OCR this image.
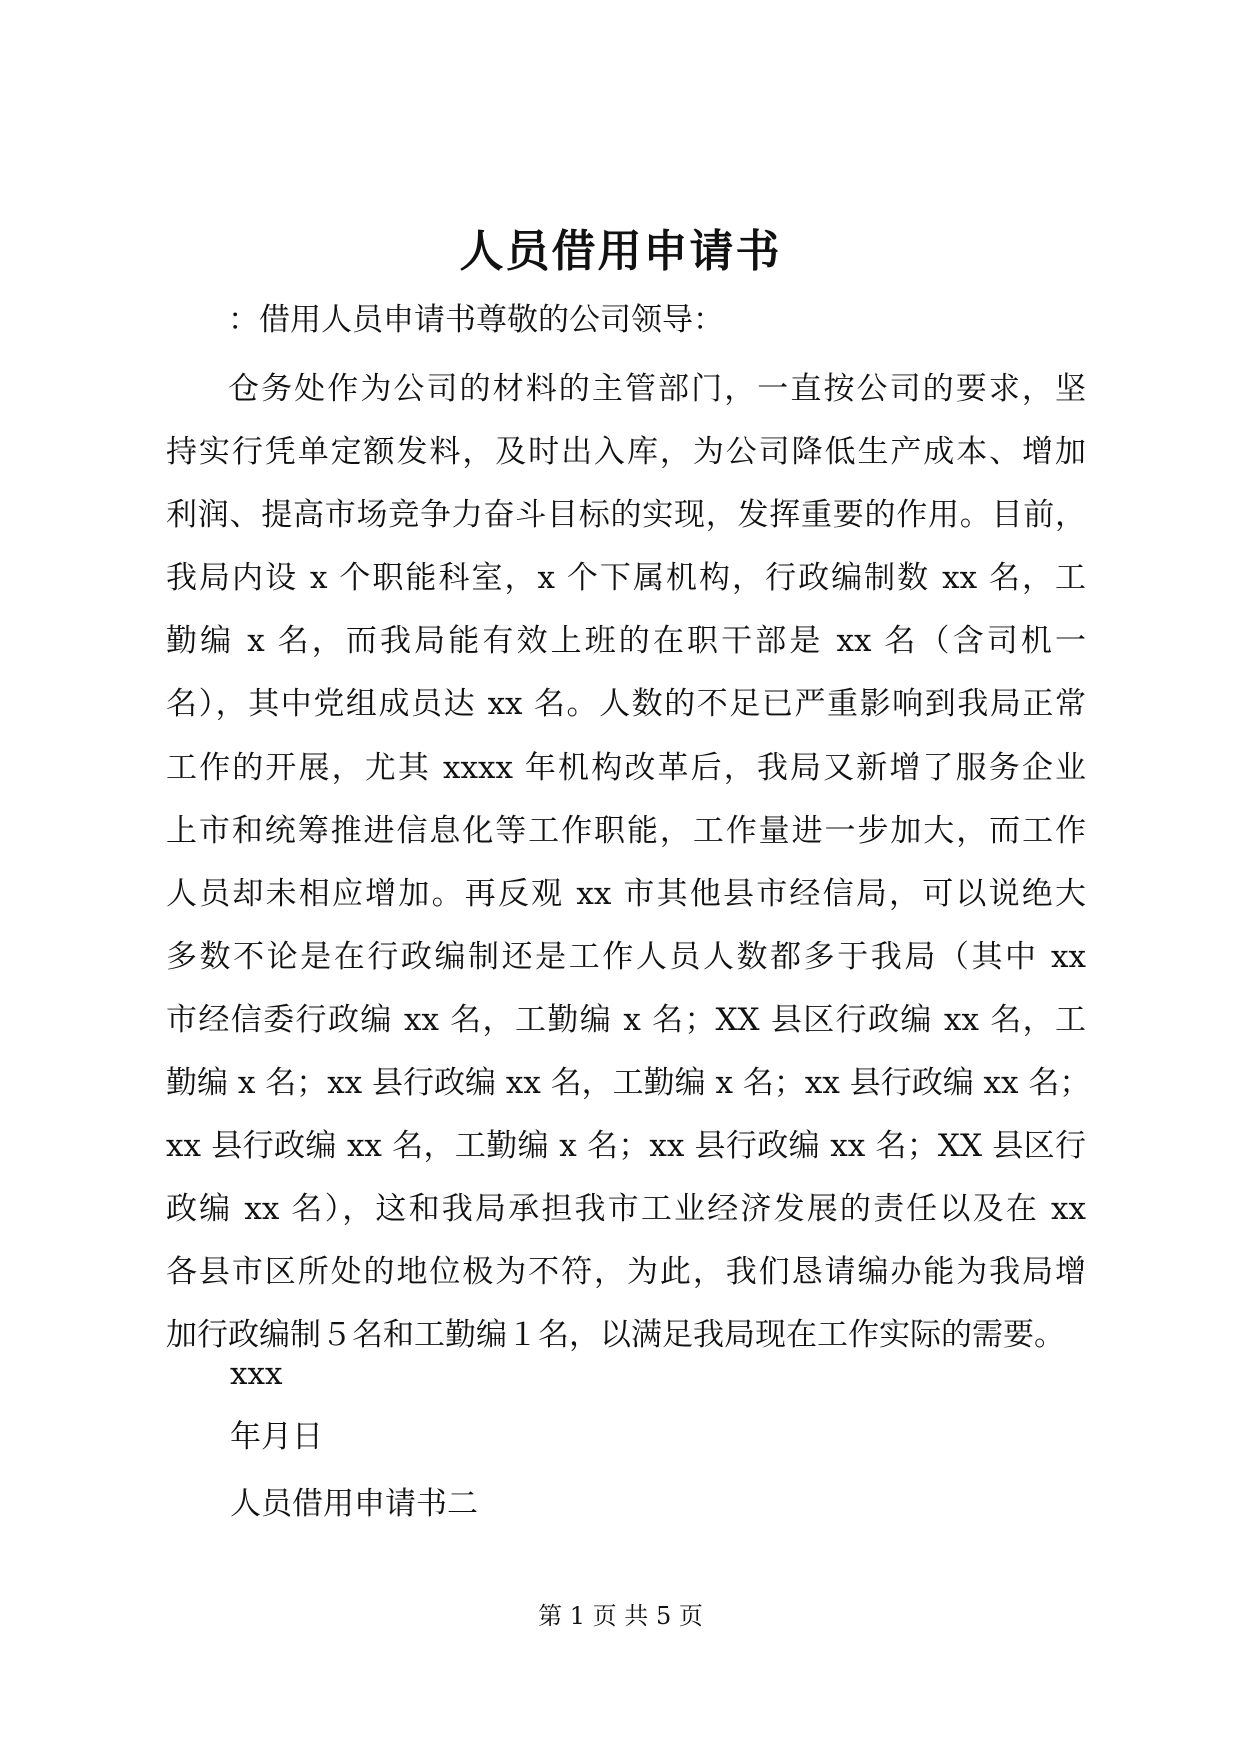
人员借用申请书
：借用人员申请书尊敬的公司领导：
仓务处作为公司的材料的主管部门，一直按公司的要求，坚
持实行凭单定额发料，及时出入库，为公司降低生产成本、增加
利润、提高市场竞争力奋斗目标的实现，发挥重要的作用。目前，
我局内设 x 个职能科室，x 个下属机构，行政编制数 xx 名，工
勤编 x 名，而我局能有效上班的在职干部是 xx 名（含司机一
名），其中党组成员达 xx 名。人数的不足已严重影响到我局正常
工作的开展，尤其 xxxx 年机构改革后，我局又新增了服务企业
上市和统筹推进信息化等工作职能，工作量进一步加大，而工作
人员却未相应增加。再反观 xx 市其他县市经信局，可以说绝大
多数不论是在行政编制还是工作人员人数都多于我局（其中 xx
市经信委行政编 xx 名，工勤编 x 名；XX 县区行政编 xx 名，工
勤编 x 名；xx 县行政编 xx 名，工勤编 x 名；xx 县行政编 xx 名；
xx 县行政编 xx 名，工勤编 x 名；xx 县行政编 xx 名；XX 县区行
政编 xx 名），这和我局承担我市工业经济发展的责任以及在 xx
各县市区所处的地位极为不符，为此，我们恳请编办能为我局增
加行政编制５名和工勤编１名，以满足我局现在工作实际的需要。
xxx
年月日
人员借用申请书二
第 1 页 共 5 页
